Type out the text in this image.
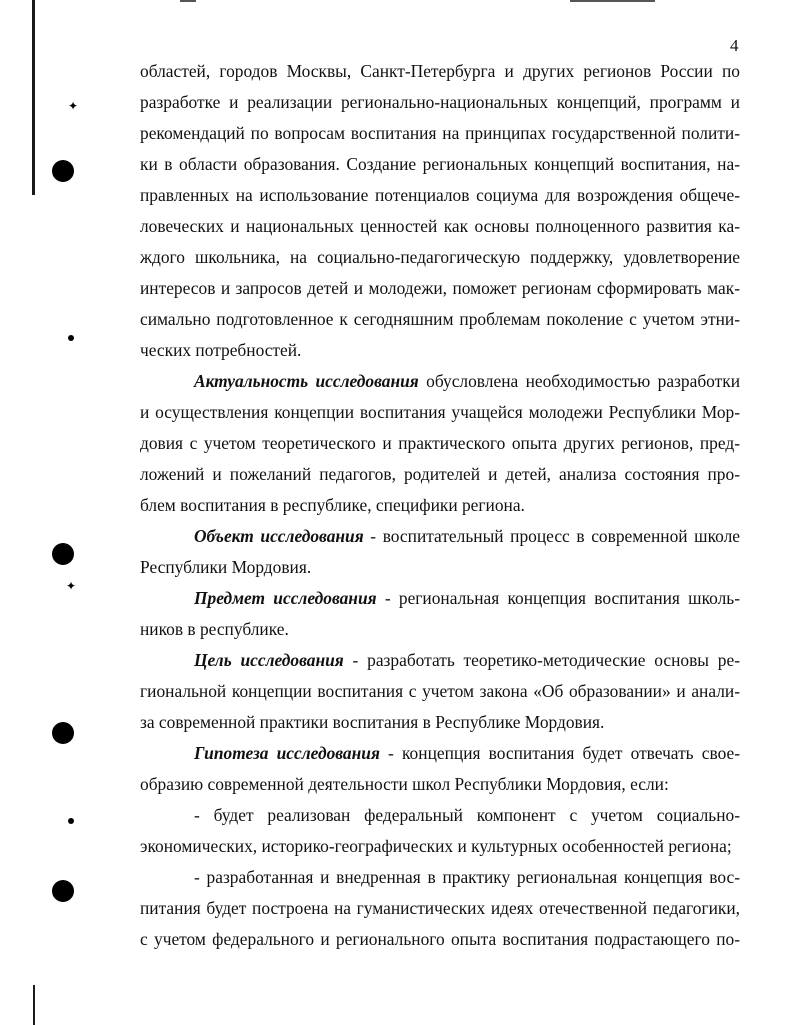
✦
✦
4
областей, городов Москвы, Санкт-Петербурга и других регионов России по
разработке и реализации регионально-национальных концепций, программ и
рекомендаций по вопросам воспитания на принципах государственной полити-
ки в области образования. Создание региональных концепций воспитания, на-
правленных на использование потенциалов социума для возрождения общече-
ловеческих и национальных ценностей как основы полноценного развития ка-
ждого школьника, на социально-педагогическую поддержку, удовлетворение
интересов и запросов детей и молодежи, поможет регионам сформировать мак-
симально подготовленное к сегодняшним проблемам поколение с учетом этни-
ческих потребностей.
Актуальность исследования обусловлена необходимостью разработки
и осуществления концепции воспитания учащейся молодежи Республики Мор-
довия с учетом теоретического и практического опыта других регионов, пред-
ложений и пожеланий педагогов, родителей и детей, анализа состояния про-
блем воспитания в республике, специфики региона.
Объект исследования - воспитательный процесс в современной школе
Республики Мордовия.
Предмет исследования - региональная концепция воспитания школь-
ников в республике.
Цель исследования - разработать теоретико-методические основы ре-
гиональной концепции воспитания с учетом закона «Об образовании» и анали-
за современной практики воспитания в Республике Мордовия.
Гипотеза исследования - концепция воспитания будет отвечать свое-
образию современной деятельности школ Республики Мордовия, если:
- будет реализован федеральный компонент с учетом социально-
экономических, историко-географических и культурных особенностей региона;
- разработанная и внедренная в практику региональная концепция вос-
питания будет построена на гуманистических идеях отечественной педагогики,
с учетом федерального и регионального опыта воспитания подрастающего по-
